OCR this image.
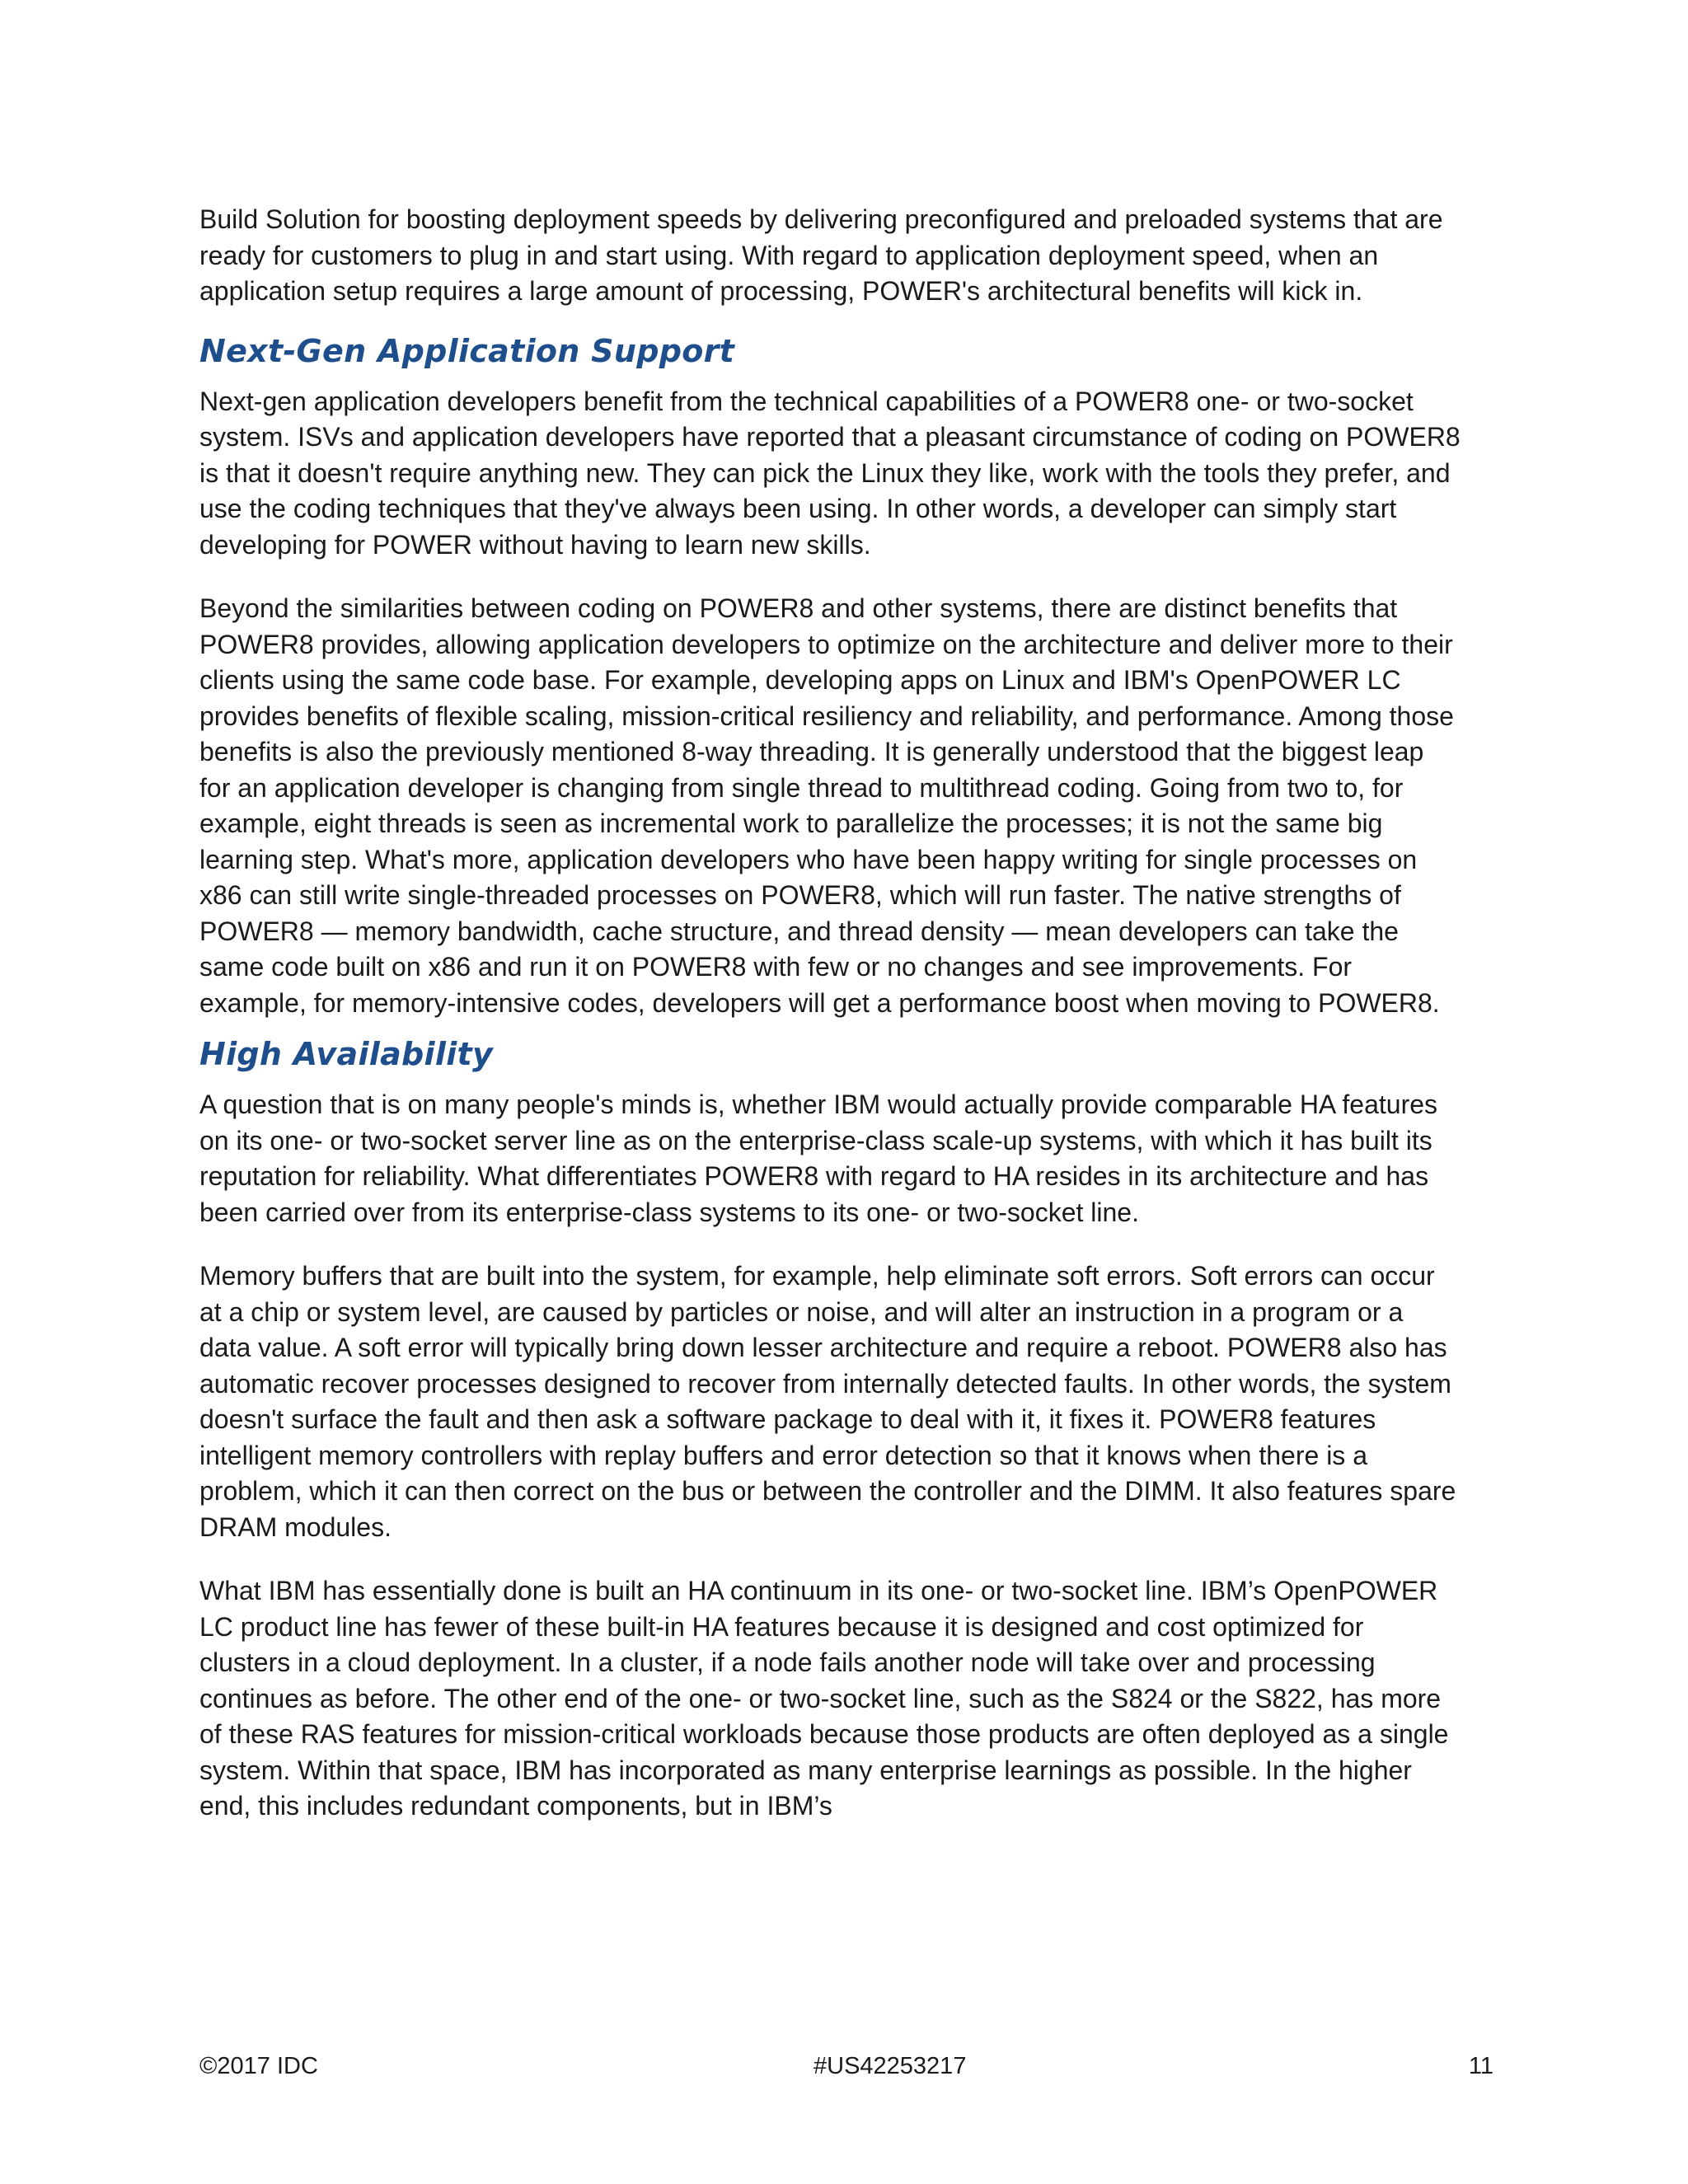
Build Solution for boosting deployment speeds by delivering preconfigured and preloaded systems that are ready for customers to plug in and start using. With regard to application deployment speed, when an application setup requires a large amount of processing, POWER's architectural benefits will kick in.

Next-Gen Application Support

Next-gen application developers benefit from the technical capabilities of a POWER8 one- or two-socket system. ISVs and application developers have reported that a pleasant circumstance of coding on POWER8 is that it doesn't require anything new. They can pick the Linux they like, work with the tools they prefer, and use the coding techniques that they've always been using. In other words, a developer can simply start developing for POWER without having to learn new skills.

Beyond the similarities between coding on POWER8 and other systems, there are distinct benefits that POWER8 provides, allowing application developers to optimize on the architecture and deliver more to their clients using the same code base. For example, developing apps on Linux and IBM's OpenPOWER LC provides benefits of flexible scaling, mission-critical resiliency and reliability, and performance. Among those benefits is also the previously mentioned 8-way threading. It is generally understood that the biggest leap for an application developer is changing from single thread to multithread coding. Going from two to, for example, eight threads is seen as incremental work to parallelize the processes; it is not the same big learning step. What's more, application developers who have been happy writing for single processes on x86 can still write single-threaded processes on POWER8, which will run faster. The native strengths of POWER8 — memory bandwidth, cache structure, and thread density — mean developers can take the same code built on x86 and run it on POWER8 with few or no changes and see improvements. For example, for memory-intensive codes, developers will get a performance boost when moving to POWER8.

High Availability

A question that is on many people's minds is, whether IBM would actually provide comparable HA features on its one- or two-socket server line as on the enterprise-class scale-up systems, with which it has built its reputation for reliability. What differentiates POWER8 with regard to HA resides in its architecture and has been carried over from its enterprise-class systems to its one- or two-socket line.

Memory buffers that are built into the system, for example, help eliminate soft errors. Soft errors can occur at a chip or system level, are caused by particles or noise, and will alter an instruction in a program or a data value. A soft error will typically bring down lesser architecture and require a reboot. POWER8 also has automatic recover processes designed to recover from internally detected faults. In other words, the system doesn't surface the fault and then ask a software package to deal with it, it fixes it. POWER8 features intelligent memory controllers with replay buffers and error detection so that it knows when there is a problem, which it can then correct on the bus or between the controller and the DIMM. It also features spare DRAM modules.

What IBM has essentially done is built an HA continuum in its one- or two-socket line. IBM’s OpenPOWER LC product line has fewer of these built-in HA features because it is designed and cost optimized for clusters in a cloud deployment. In a cluster, if a node fails another node will take over and processing continues as before. The other end of the one- or two-socket line, such as the S824 or the S822, has more of these RAS features for mission-critical workloads because those products are often deployed as a single system. Within that space, IBM has incorporated as many enterprise learnings as possible. In the higher end, this includes redundant components, but in IBM’s

©2017 IDC	#US42253217	11
